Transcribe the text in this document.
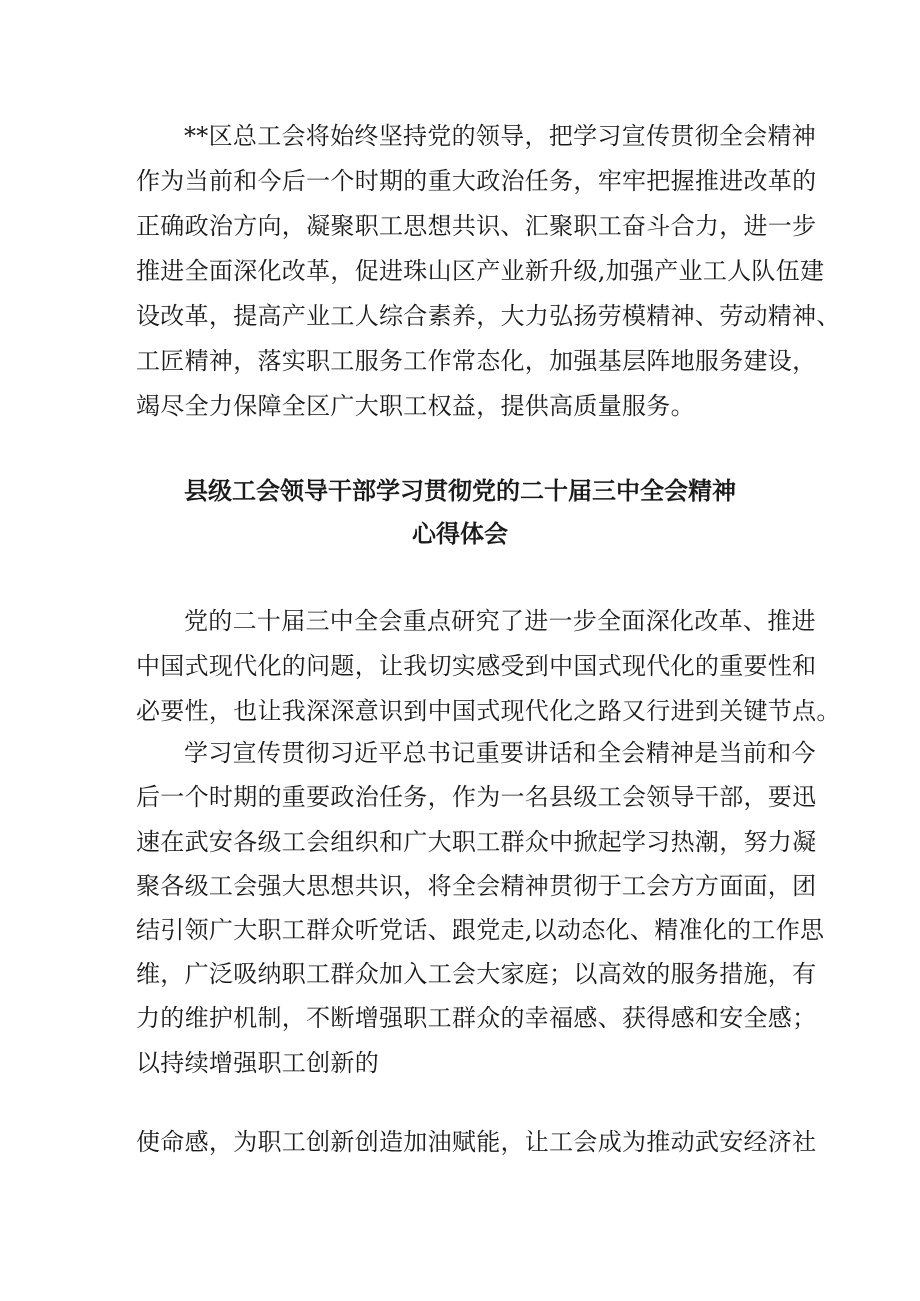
**区总工会将始终坚持党的领导，把学习宣传贯彻全会精神

作为当前和今后一个时期的重大政治任务，牢牢把握推进改革的

正确政治方向，凝聚职工思想共识、汇聚职工奋斗合力，进一步

推进全面深化改革，促进珠山区产业新升级,加强产业工人队伍建

设改革，提高产业工人综合素养，大力弘扬劳模精神、劳动精神、

工匠精神，落实职工服务工作常态化，加强基层阵地服务建设，

竭尽全力保障全区广大职工权益，提供高质量服务。

县级工会领导干部学习贯彻党的二十届三中全会精神
心得体会

党的二十届三中全会重点研究了进一步全面深化改革、推进

中国式现代化的问题，让我切实感受到中国式现代化的重要性和

必要性，也让我深深意识到中国式现代化之路又行进到关键节点。

学习宣传贯彻习近平总书记重要讲话和全会精神是当前和今

后一个时期的重要政治任务，作为一名县级工会领导干部，要迅

速在武安各级工会组织和广大职工群众中掀起学习热潮，努力凝

聚各级工会强大思想共识，将全会精神贯彻于工会方方面面，团

结引领广大职工群众听党话、跟党走,以动态化、精准化的工作思

维，广泛吸纳职工群众加入工会大家庭；以高效的服务措施，有

力的维护机制，不断增强职工群众的幸福感、获得感和安全感；

以持续增强职工创新的

使命感，为职工创新创造加油赋能，让工会成为推动武安经济社
